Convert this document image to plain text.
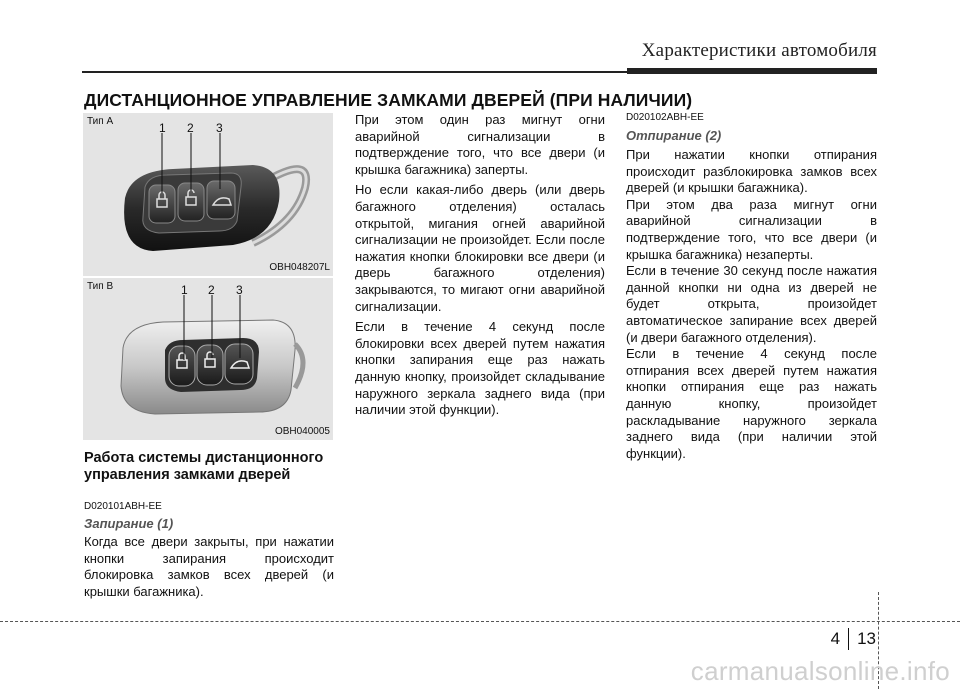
Характеристики автомобиля
ДИСТАНЦИОННОЕ УПРАВЛЕНИЕ ЗАМКАМИ ДВЕРЕЙ (ПРИ НАЛИЧИИ)
1 2 3
Тип А
OBH048207L
1 2 3
Тип В
OBH040005
Работа системы дистанционного управления замками дверей
D020101ABH-EE
Запирание (1)

Когда все двери закрыты, при нажатии кнопки запирания происходит блокировка замков всех дверей (и крышки багажника).

При этом один раз мигнут огни аварийной сигнализации в подтверждение того, что все двери (и крышка багажника) заперты.

Но если какая-либо дверь (или дверь багажного отделения) осталась открытой, мигания огней аварийной сигнализации не произойдет. Если после нажатия кнопки блокировки все двери (и дверь багажного отделения) закрываются, то мигают огни аварийной сигнализации.

Если в течение 4 секунд после блокировки всех дверей путем нажатия кнопки запирания еще раз нажать данную кнопку, произойдет складывание наружного зеркала заднего вида (при наличии этой функции).

D020102ABH-EE
Отпирание (2)

При нажатии кнопки отпирания происходит разблокировка замков всех дверей (и крышки багажника).

При этом два раза мигнут огни аварийной сигнализации в подтверждение того, что все двери (и крышка багажника) незаперты.

Если в течение 30 секунд после нажатия данной кнопки ни одна из дверей не будет открыта, произойдет автоматическое запирание всех дверей (и двери багажного отделения).

Если в течение 4 секунд после отпирания всех дверей путем нажатия кнопки отпирания еще раз нажать данную кнопку, произойдет раскладывание наружного зеркала заднего вида (при наличии этой функции).

4 13
carmanualsonline.info
